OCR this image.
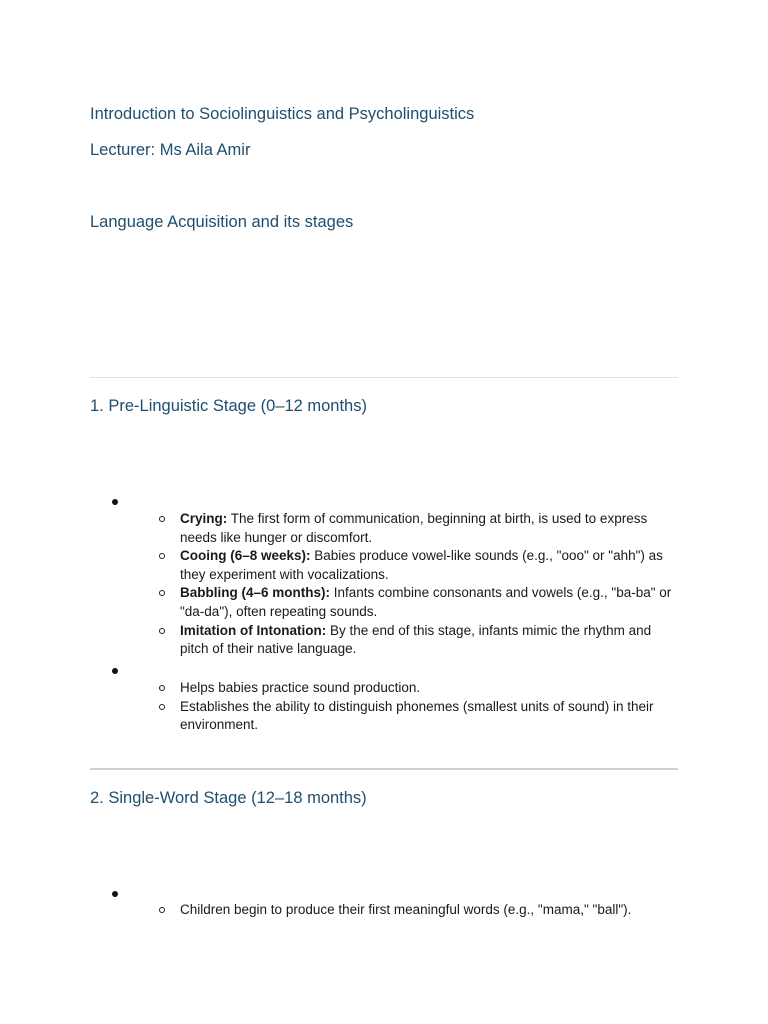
Introduction to Sociolinguistics and Psycholinguistics
Lecturer: Ms Aila Amir
Language Acquisition and its stages
1. Pre-Linguistic Stage (0–12 months)
Crying: The first form of communication, beginning at birth, is used to express needs like hunger or discomfort.
Cooing (6–8 weeks): Babies produce vowel-like sounds (e.g., "ooo" or "ahh") as they experiment with vocalizations.
Babbling (4–6 months): Infants combine consonants and vowels (e.g., "ba-ba" or "da-da"), often repeating sounds.
Imitation of Intonation: By the end of this stage, infants mimic the rhythm and pitch of their native language.
Helps babies practice sound production.
Establishes the ability to distinguish phonemes (smallest units of sound) in their environment.
2. Single-Word Stage (12–18 months)
Children begin to produce their first meaningful words (e.g., "mama," "ball").
